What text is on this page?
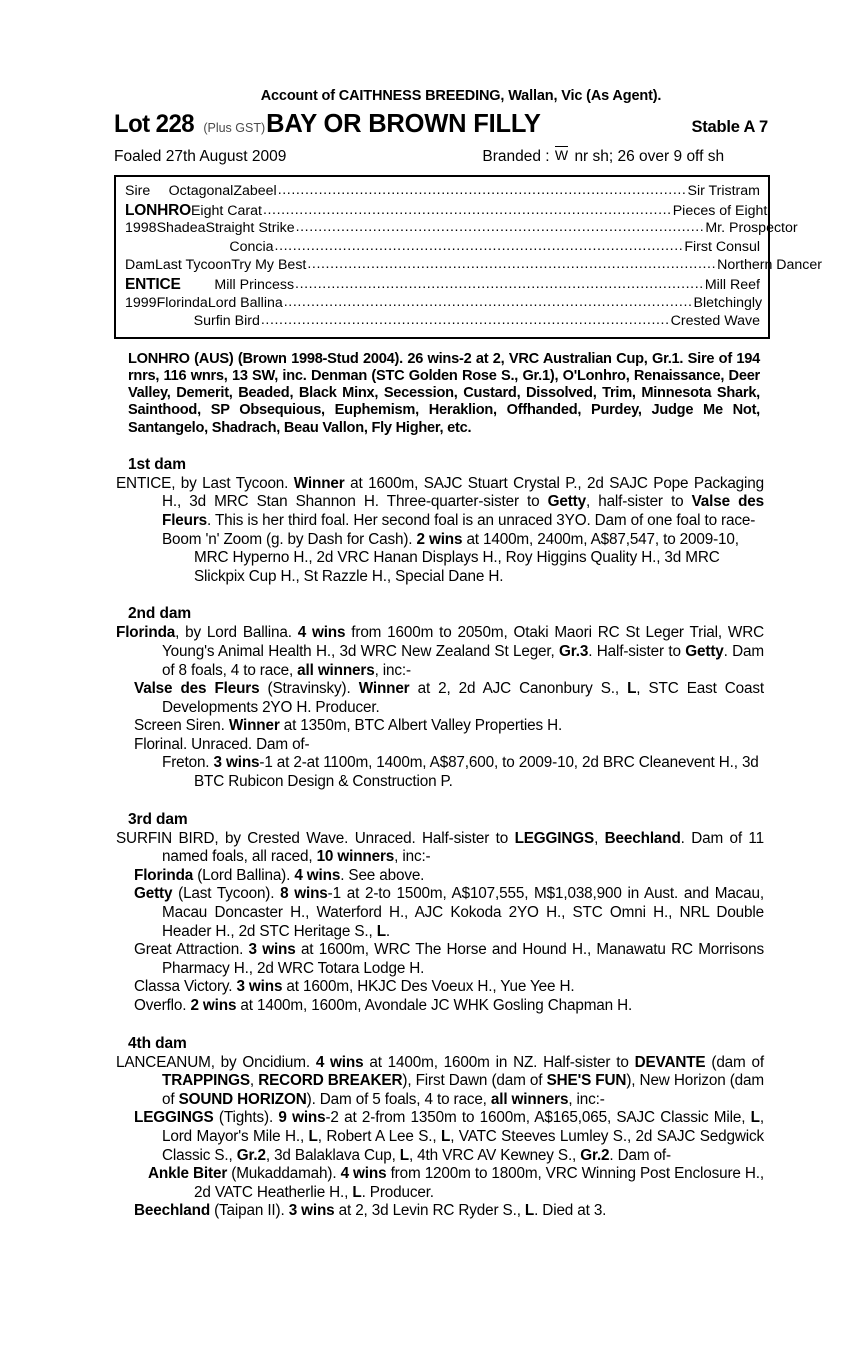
Account of CAITHNESS BREEDING, Wallan, Vic (As Agent).
Lot 228 (Plus GST) BAY OR BROWN FILLY	Stable A 7
Foaled 27th August 2009	Branded : W nr sh; 26 over 9 off sh
Sire	Octagonal Zabeel .......................................................................................... Sir Tristram
LONHRO Eight Carat .......................................................................................... Pieces of Eight
1998 Shadea Straight Strike .......................................................................................... Mr. Prospector
Concia .......................................................................................... First Consul
Dam Last Tycoon Try My Best .......................................................................................... Northern Dancer
ENTICE Mill Princess .......................................................................................... Mill Reef
1999 Florinda Lord Ballina .......................................................................................... Bletchingly
Surfin Bird .......................................................................................... Crested Wave
LONHRO (AUS) (Brown 1998-Stud 2004). 26 wins-2 at 2, VRC Australian Cup, Gr.1. Sire of 194 rnrs, 116 wnrs, 13 SW, inc. Denman (STC Golden Rose S., Gr.1), O'Lonhro, Renaissance, Deer Valley, Demerit, Beaded, Black Minx, Secession, Custard, Dissolved, Trim, Minnesota Shark, Sainthood, SP Obsequious, Euphemism, Heraklion, Offhanded, Purdey, Judge Me Not, Santangelo, Shadrach, Beau Vallon, Fly Higher, etc.
1st dam

ENTICE, by Last Tycoon. Winner at 1600m, SAJC Stuart Crystal P., 2d SAJC Pope Packaging H., 3d MRC Stan Shannon H. Three-quarter-sister to Getty, half-sister to Valse des Fleurs. This is her third foal. Her second foal is an unraced 3YO. Dam of one foal to race-

Boom 'n' Zoom (g. by Dash for Cash). 2 wins at 1400m, 2400m, A$87,547, to 2009-10, MRC Hyperno H., 2d VRC Hanan Displays H., Roy Higgins Quality H., 3d MRC Slickpix Cup H., St Razzle H., Special Dane H.

2nd dam

Florinda, by Lord Ballina. 4 wins from 1600m to 2050m, Otaki Maori RC St Leger Trial, WRC Young's Animal Health H., 3d WRC New Zealand St Leger, Gr.3. Half-sister to Getty. Dam of 8 foals, 4 to race, all winners, inc:-

Valse des Fleurs (Stravinsky). Winner at 2, 2d AJC Canonbury S., L, STC East Coast Developments 2YO H. Producer.

Screen Siren. Winner at 1350m, BTC Albert Valley Properties H.

Florinal. Unraced. Dam of-

Freton. 3 wins-1 at 2-at 1100m, 1400m, A$87,600, to 2009-10, 2d BRC Cleanevent H., 3d BTC Rubicon Design & Construction P.

3rd dam

SURFIN BIRD, by Crested Wave. Unraced. Half-sister to LEGGINGS, Beechland. Dam of 11 named foals, all raced, 10 winners, inc:-

Florinda (Lord Ballina). 4 wins. See above.

Getty (Last Tycoon). 8 wins-1 at 2-to 1500m, A$107,555, M$1,038,900 in Aust. and Macau, Macau Doncaster H., Waterford H., AJC Kokoda 2YO H., STC Omni H., NRL Double Header H., 2d STC Heritage S., L.

Great Attraction. 3 wins at 1600m, WRC The Horse and Hound H., Manawatu RC Morrisons Pharmacy H., 2d WRC Totara Lodge H.

Classa Victory. 3 wins at 1600m, HKJC Des Voeux H., Yue Yee H.

Overflo. 2 wins at 1400m, 1600m, Avondale JC WHK Gosling Chapman H.

4th dam

LANCEANUM, by Oncidium. 4 wins at 1400m, 1600m in NZ. Half-sister to DEVANTE (dam of TRAPPINGS, RECORD BREAKER), First Dawn (dam of SHE'S FUN), New Horizon (dam of SOUND HORIZON). Dam of 5 foals, 4 to race, all winners, inc:-

LEGGINGS (Tights). 9 wins-2 at 2-from 1350m to 1600m, A$165,065, SAJC Classic Mile, L, Lord Mayor's Mile H., L, Robert A Lee S., L, VATC Steeves Lumley S., 2d SAJC Sedgwick Classic S., Gr.2, 3d Balaklava Cup, L, 4th VRC AV Kewney S., Gr.2. Dam of-

Ankle Biter (Mukaddamah). 4 wins from 1200m to 1800m, VRC Winning Post Enclosure H., 2d VATC Heatherlie H., L. Producer.

Beechland (Taipan II). 3 wins at 2, 3d Levin RC Ryder S., L. Died at 3.
